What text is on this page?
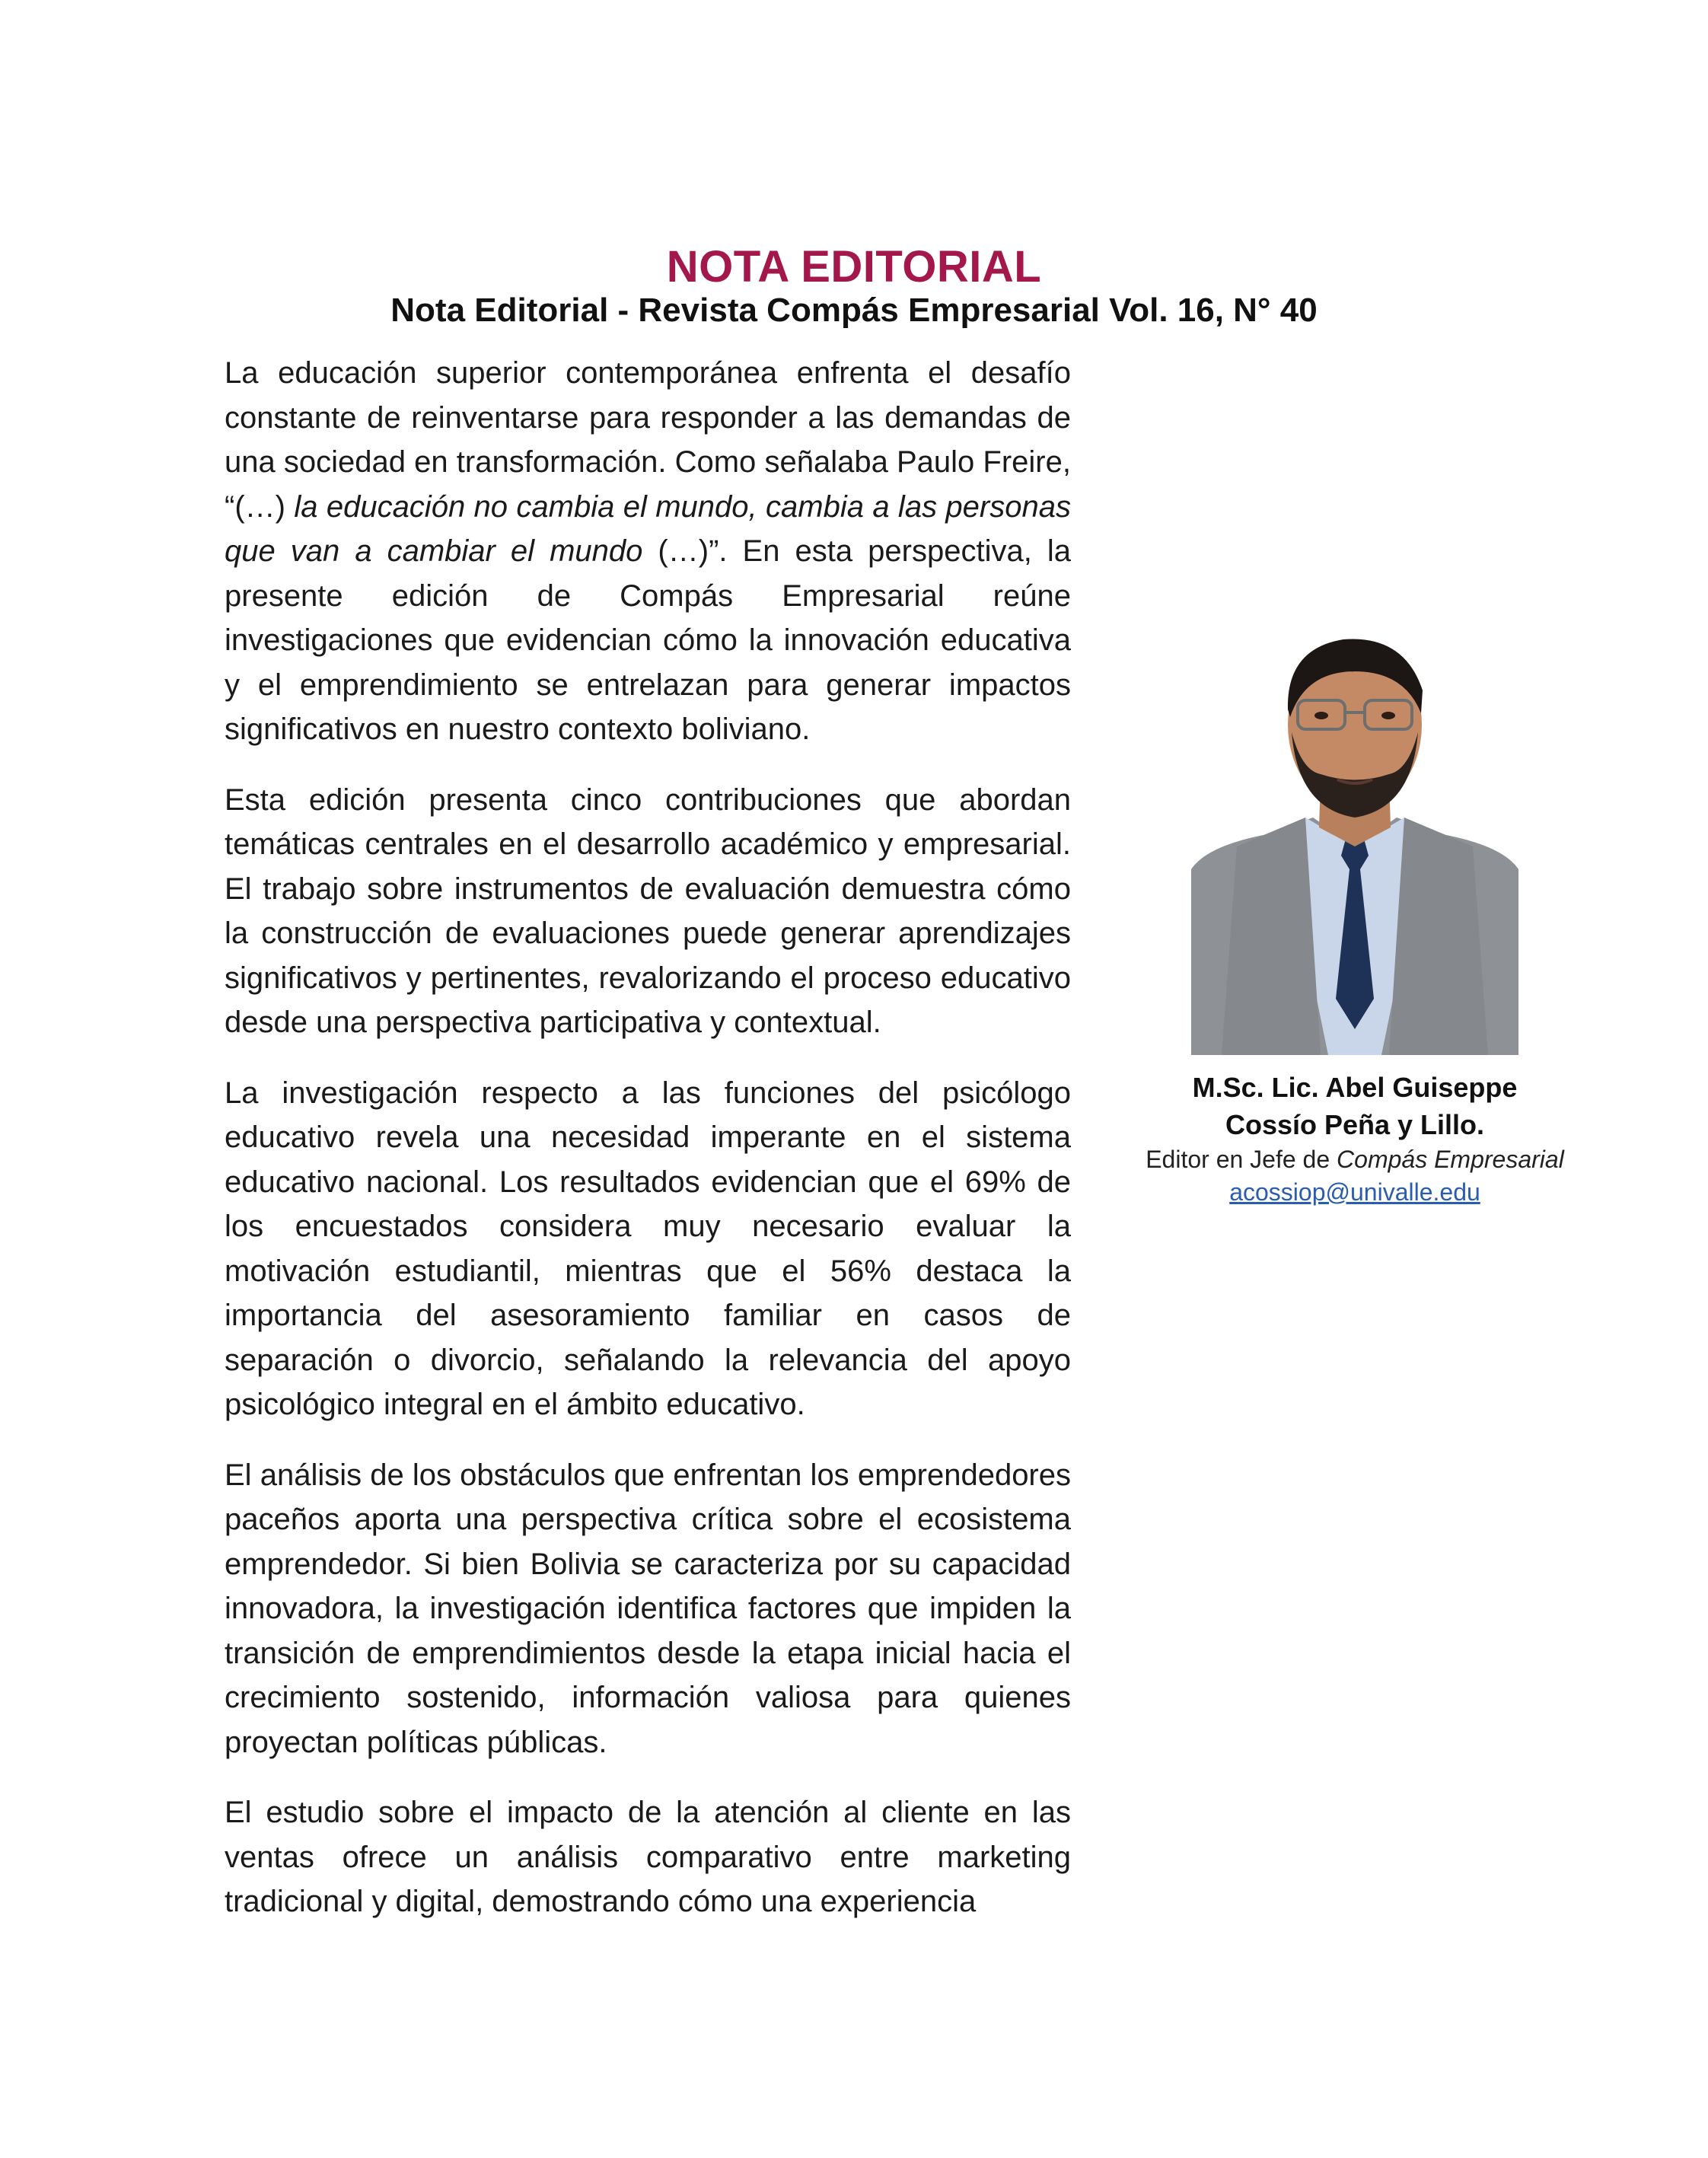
NOTA EDITORIAL
Nota Editorial - Revista Compás Empresarial Vol. 16, N° 40

La educación superior contemporánea enfrenta el desafío constante de reinventarse para responder a las demandas de una sociedad en transformación. Como señalaba Paulo Freire, “(…) la educación no cambia el mundo, cambia a las personas que van a cambiar el mundo (…)”. En esta perspectiva, la presente edición de Compás Empresarial reúne investigaciones que evidencian cómo la innovación educativa y el emprendimiento se entrelazan para generar impactos significativos en nuestro contexto boliviano.

Esta edición presenta cinco contribuciones que abordan temáticas centrales en el desarrollo académico y empresarial. El trabajo sobre instrumentos de evaluación demuestra cómo la construcción de evaluaciones puede generar aprendizajes significativos y pertinentes, revalorizando el proceso educativo desde una perspectiva participativa y contextual.

La investigación respecto a las funciones del psicólogo educativo revela una necesidad imperante en el sistema educativo nacional. Los resultados evidencian que el 69% de los encuestados considera muy necesario evaluar la motivación estudiantil, mientras que el 56% destaca la importancia del asesoramiento familiar en casos de separación o divorcio, señalando la relevancia del apoyo psicológico integral en el ámbito educativo.

El análisis de los obstáculos que enfrentan los emprendedores paceños aporta una perspectiva crítica sobre el ecosistema emprendedor. Si bien Bolivia se caracteriza por su capacidad innovadora, la investigación identifica factores que impiden la transición de emprendimientos desde la etapa inicial hacia el crecimiento sostenido, información valiosa para quienes proyectan políticas públicas.

El estudio sobre el impacto de la atención al cliente en las ventas ofrece un análisis comparativo entre marketing tradicional y digital, demostrando cómo una experiencia

M.Sc. Lic. Abel Guiseppe
Cossío Peña y Lillo.
Editor en Jefe de Compás Empresarial
acossiop@univalle.edu
